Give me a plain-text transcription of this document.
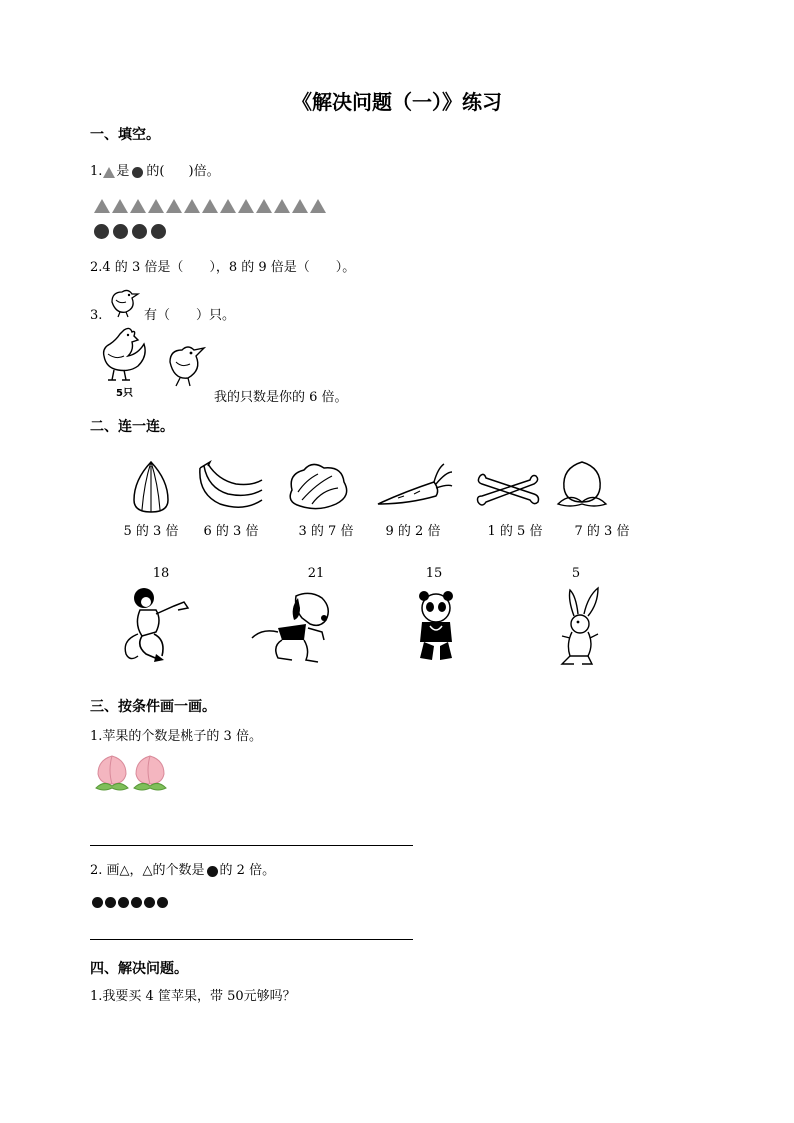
《解决问题（一）》练习
一、填空。
1. 是 的( )倍。
2.4 的 3 倍是（　　），8 的 9 倍是（　　）。
3.	有（　　）只。
5只	我的只数是你的 6 倍。
二、连一连。
5 的 3 倍	6 的 3 倍	3 的 7 倍	9 的 2 倍	1 的 5 倍	7 的 3 倍
18	21	15	5
三、按条件画一画。
1.苹果的个数是桃子的 3 倍。
2. 画△，△的个数是 的 2 倍。
四、解决问题。
1.我要买 4 筐苹果，带 50元够吗？
